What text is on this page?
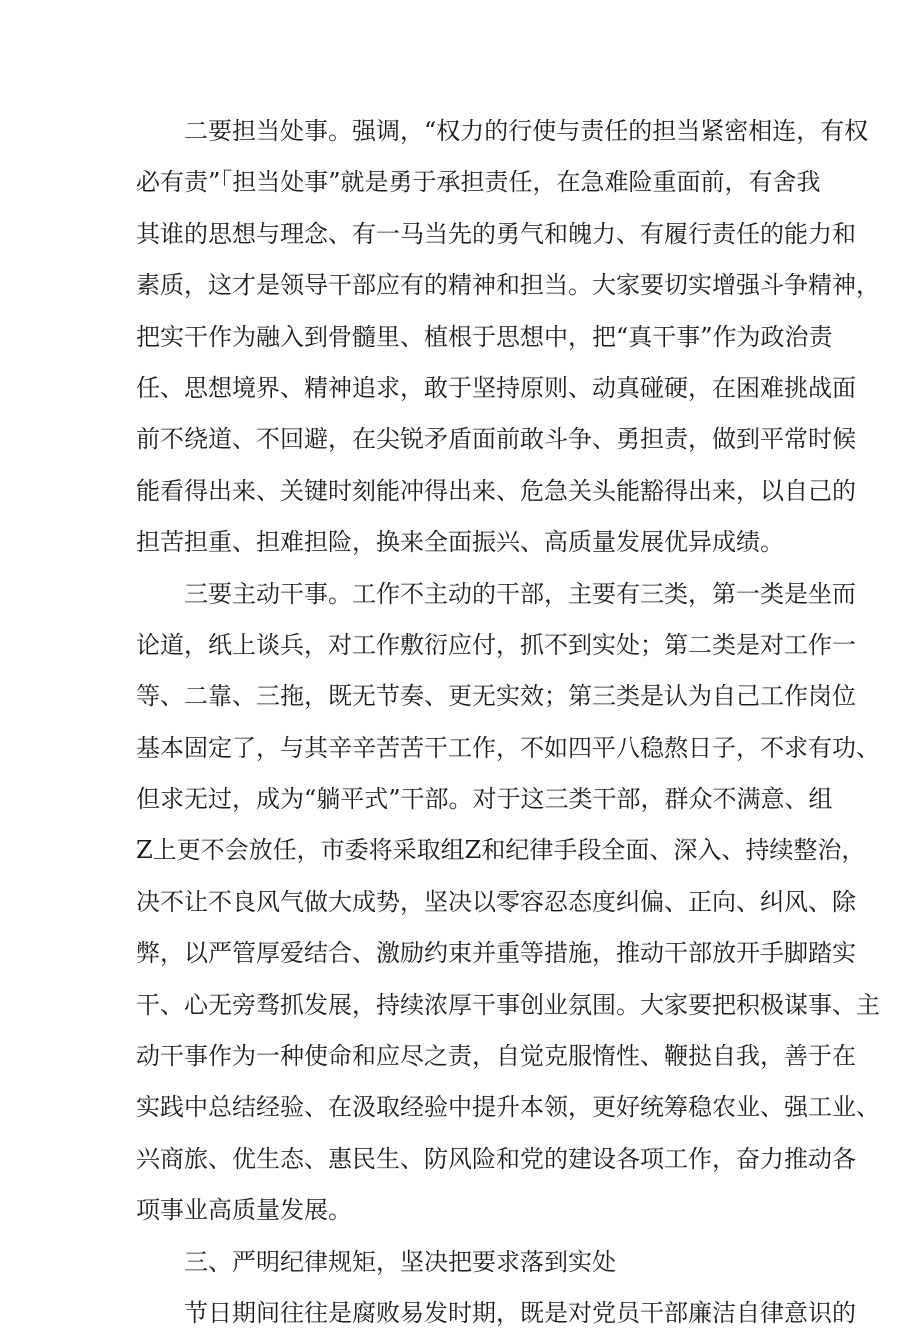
　　二要担当处事。强调，“权力的行使与责任的担当紧密相连，有权
必有责”「担当处事”就是勇于承担责任，在急难险重面前，有舍我
其谁的思想与理念、有一马当先的勇气和魄力、有履行责任的能力和
素质，这才是领导干部应有的精神和担当。大家要切实增强斗争精神，
把实干作为融入到骨髓里、植根于思想中，把“真干事”作为政治责
任、思想境界、精神追求，敢于坚持原则、动真碰硬，在困难挑战面
前不绕道、不回避，在尖锐矛盾面前敢斗争、勇担责，做到平常时候
能看得出来、关键时刻能冲得出来、危急关头能豁得出来，以自己的
担苦担重、担难担险，换来全面振兴、高质量发展优异成绩。
　　三要主动干事。工作不主动的干部，主要有三类，第一类是坐而
论道，纸上谈兵，对工作敷衍应付，抓不到实处；第二类是对工作一
等、二靠、三拖，既无节奏、更无实效；第三类是认为自己工作岗位
基本固定了，与其辛辛苦苦干工作，不如四平八稳熬日子，不求有功、
但求无过，成为“躺平式”干部。对于这三类干部，群众不满意、组
Z上更不会放任，市委将采取组Z和纪律手段全面、深入、持续整治，
决不让不良风气做大成势，坚决以零容忍态度纠偏、正向、纠风、除
弊，以严管厚爱结合、激励约束并重等措施，推动干部放开手脚踏实
干、心无旁骛抓发展，持续浓厚干事创业氛围。大家要把积极谋事、主
动干事作为一种使命和应尽之责，自觉克服惰性、鞭挞自我，善于在
实践中总结经验、在汲取经验中提升本领，更好统筹稳农业、强工业、
兴商旅、优生态、惠民生、防风险和党的建设各项工作，奋力推动各
项事业高质量发展。
　　三、严明纪律规矩，坚决把要求落到实处
　　节日期间往往是腐败易发时期，既是对党员干部廉洁自律意识的
